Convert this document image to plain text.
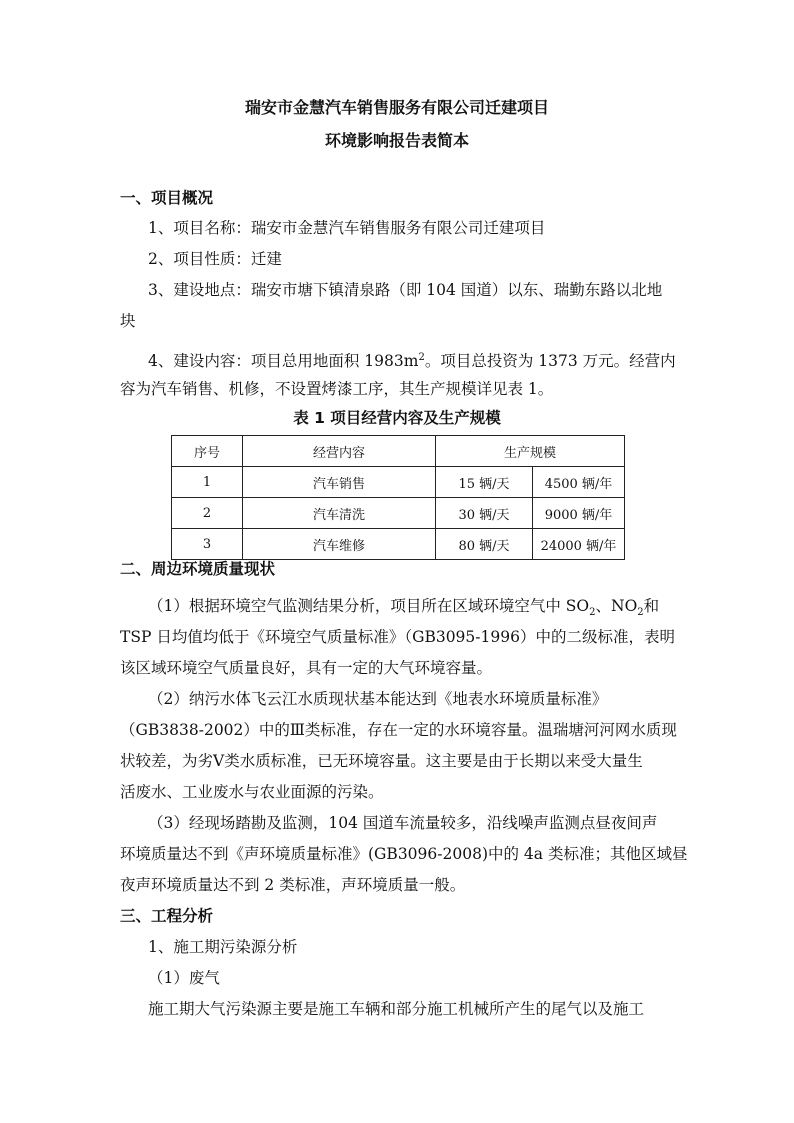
瑞安市金慧汽车销售服务有限公司迁建项目
环境影响报告表简本
一、项目概况
1、项目名称：瑞安市金慧汽车销售服务有限公司迁建项目
2、项目性质：迁建
3、建设地点：瑞安市塘下镇清泉路（即 104 国道）以东、瑞勤东路以北地
块
4、建设内容：项目总用地面积 $1983m^2$。项目总投资为 1373 万元。经营内
容为汽车销售、机修，不设置烤漆工序，其生产规模详见表 1。
表 1 项目经营内容及生产规模
序号	经营内容	生产规模	
1	汽车销售	15 辆/天	4500 辆/年
2	汽车清洗	30 辆/天	9000 辆/年
3	汽车维修	80 辆/天	24000 辆/年
二、周边环境质量现状
（1）根据环境空气监测结果分析，项目所在区域环境空气中 $SO_2$、$NO_2$和
TSP 日均值均低于《环境空气质量标准》（GB3095-1996）中的二级标准，表明
该区域环境空气质量良好，具有一定的大气环境容量。
（2）纳污水体飞云江水质现状基本能达到《地表水环境质量标准》
（GB3838-2002）中的Ⅲ类标准，存在一定的水环境容量。温瑞塘河河网水质现
状较差，为劣Ⅴ类水质标准，已无环境容量。这主要是由于长期以来受大量生
活废水、工业废水与农业面源的污染。
（3）经现场踏勘及监测，104 国道车流量较多，沿线噪声监测点昼夜间声
环境质量达不到《声环境质量标准》(GB3096-2008)中的 4a 类标准；其他区域昼
夜声环境质量达不到 2 类标准，声环境质量一般。
三、工程分析
1、施工期污染源分析
（1）废气
施工期大气污染源主要是施工车辆和部分施工机械所产生的尾气以及施工
